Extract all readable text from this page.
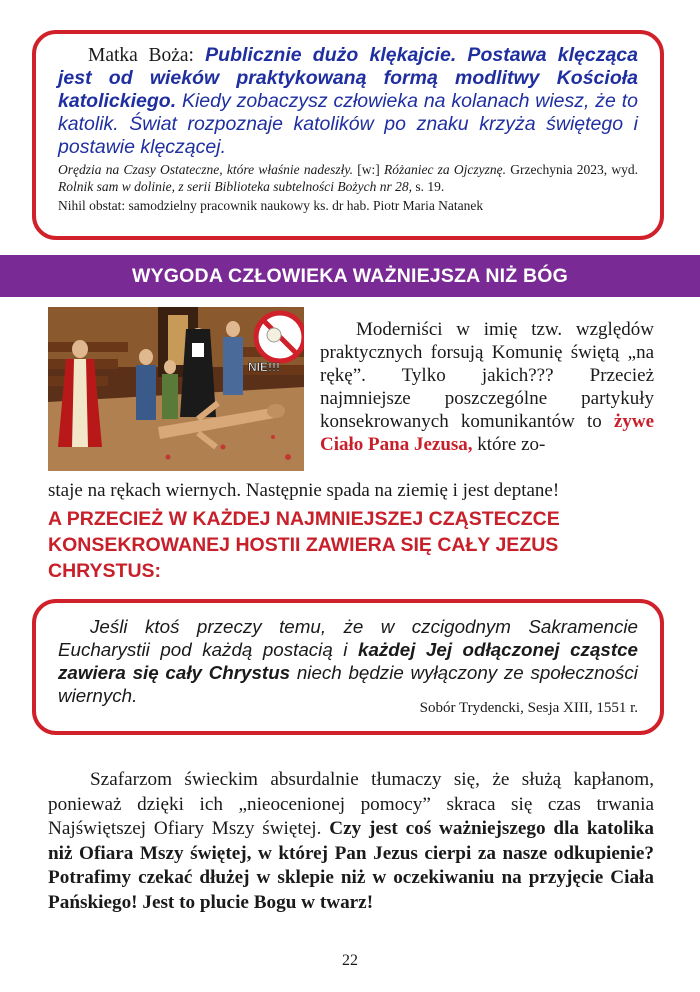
Matka Boża: Publicznie dużo klękajcie. Postawa klęcząca jest od wieków praktykowaną formą modlitwy Kościoła katolickiego. Kiedy zobaczysz człowieka na kolanach wiesz, że to katolik. Świat rozpoznaje katolików po znaku krzyża świętego i postawie klęczącej.

Orędzia na Czasy Ostateczne, które właśnie nadeszły. [w:] Różaniec za Ojczyznę. Grzechynia 2023, wyd. Rolnik sam w dolinie, z serii Biblioteka subtelności Bożych nr 28, s. 19.

Nihil obstat: samodzielny pracownik naukowy ks. dr hab. Piotr Maria Natanek

WYGODA CZŁOWIEKA WAŻNIEJSZA NIŻ BÓG
NIE!!!

Moderniści w imię tzw. względów praktycznych forsują Komunię świętą „na rękę”. Tylko jakich??? Przecież najmniejsze poszczególne partykuły konsekrowanych komunikantów to żywe Ciało Pana Jezusa, które zo-

staje na rękach wiernych. Następnie spada na ziemię i jest deptane!

A PRZECIEŻ W KAŻDEJ NAJMNIEJSZEJ CZĄSTECZCE KONSEKROWANEJ HOSTII ZAWIERA SIĘ CAŁY JEZUS CHRYSTUS:

Jeśli ktoś przeczy temu, że w czcigodnym Sakramencie Eucharystii pod każdą postacią i każdej Jej odłączonej cząstce zawiera się cały Chrystus niech będzie wyłączony ze społeczności wiernych.

Sobór Trydencki, Sesja XIII, 1551 r.

Szafarzom świeckim absurdalnie tłumaczy się, że służą kapłanom, ponieważ dzięki ich „nieocenionej pomocy” skraca się czas trwania Najświętszej Ofiary Mszy świętej. Czy jest coś ważniejszego dla katolika niż Ofiara Mszy świętej, w której Pan Jezus cierpi za nasze odkupienie? Potrafimy czekać dłużej w sklepie niż w oczekiwaniu na przyjęcie Ciała Pańskiego! Jest to plucie Bogu w twarz!

22
